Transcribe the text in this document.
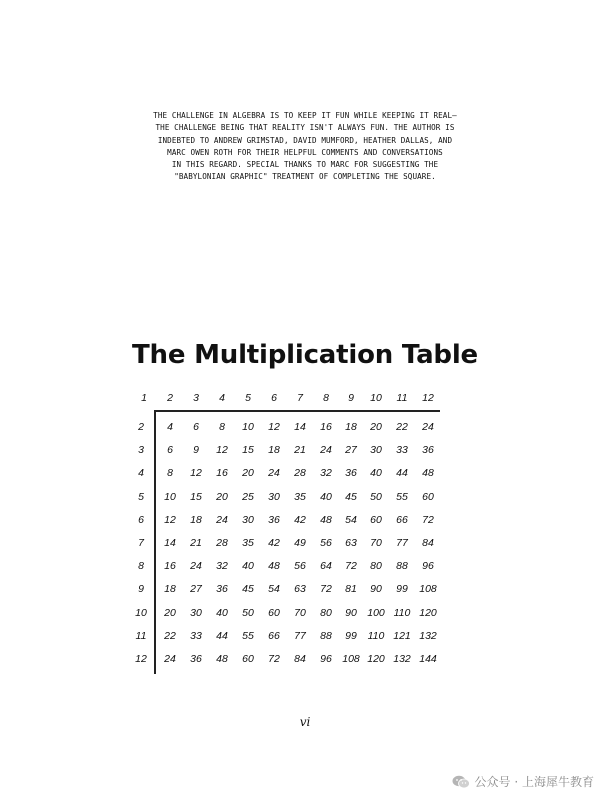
THE CHALLENGE IN ALGEBRA IS TO KEEP IT FUN WHILE KEEPING IT REAL—
THE CHALLENGE BEING THAT REALITY ISN'T ALWAYS FUN. THE AUTHOR IS
INDEBTED TO ANDREW GRIMSTAD, DAVID MUMFORD, HEATHER DALLAS, AND
MARC OWEN ROTH FOR THEIR HELPFUL COMMENTS AND CONVERSATIONS
IN THIS REGARD. SPECIAL THANKS TO MARC FOR SUGGESTING THE
"BABYLONIAN GRAPHIC" TREATMENT OF COMPLETING THE SQUARE.
The Multiplication Table
1	2	3	4	5	6	7	8	9	10	11	12
2	4	6	8	10	12	14	16	18	20	22	24
3	6	9	12	15	18	21	24	27	30	33	36
4	8	12	16	20	24	28	32	36	40	44	48
5	10	15	20	25	30	35	40	45	50	55	60
6	12	18	24	30	36	42	48	54	60	66	72
7	14	21	28	35	42	49	56	63	70	77	84
8	16	24	32	40	48	56	64	72	80	88	96
9	18	27	36	45	54	63	72	81	90	99	108
10	20	30	40	50	60	70	80	90 100 110 120
11	22	33	44	55	66	77	88	99	110 121 132
12	24	36	48	60	72	84	96 108 120 132 144
vi
公众号 · 上海犀牛教育
